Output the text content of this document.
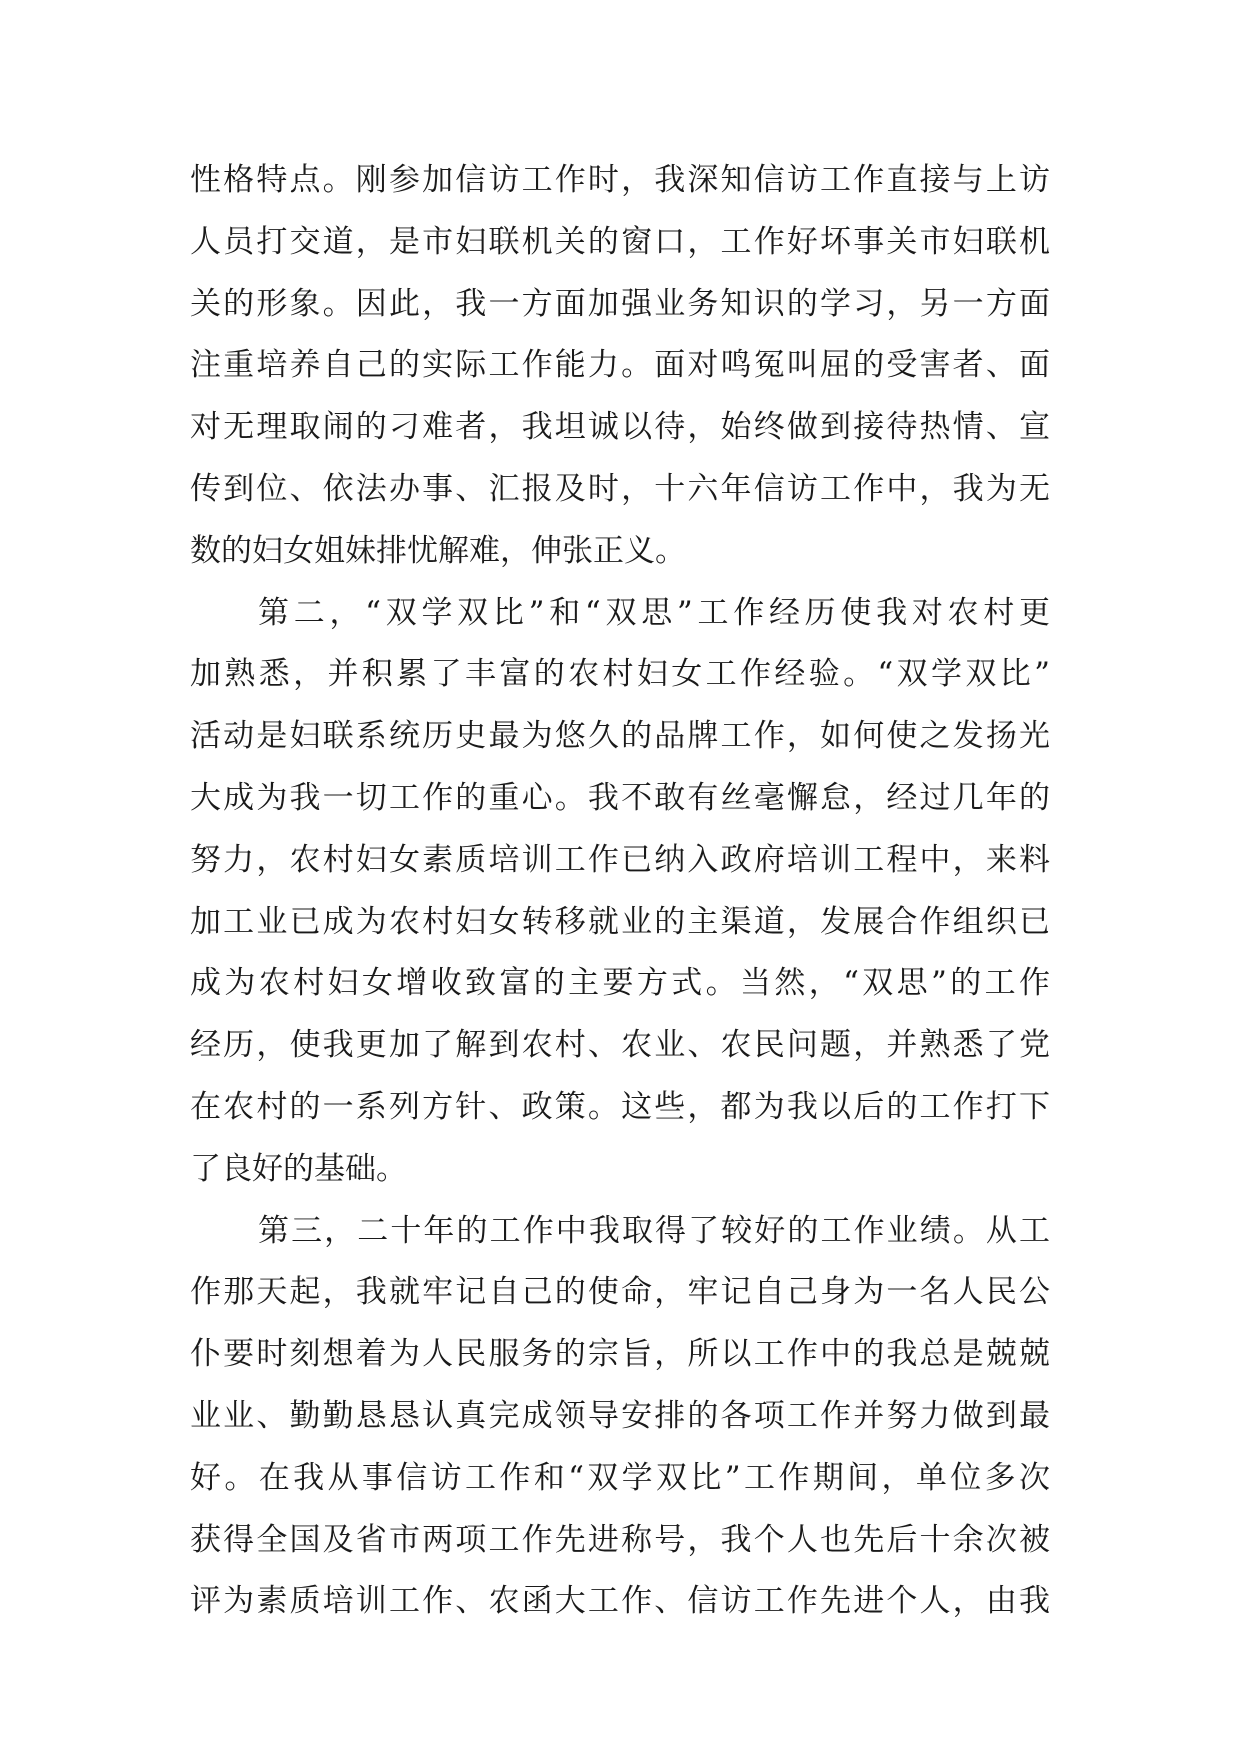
性格特点。刚参加信访工作时，我深知信访工作直接与上访
人员打交道，是市妇联机关的窗口，工作好坏事关市妇联机
关的形象。因此，我一方面加强业务知识的学习，另一方面
注重培养自己的实际工作能力。面对鸣冤叫屈的受害者、面
对无理取闹的刁难者，我坦诚以待，始终做到接待热情、宣
传到位、依法办事、汇报及时，十六年信访工作中，我为无
数的妇女姐妹排忧解难，伸张正义。
第二，“双学双比”和“双思”工作经历使我对农村更
加熟悉，并积累了丰富的农村妇女工作经验。“双学双比”
活动是妇联系统历史最为悠久的品牌工作，如何使之发扬光
大成为我一切工作的重心。我不敢有丝毫懈怠，经过几年的
努力，农村妇女素质培训工作已纳入政府培训工程中，来料
加工业已成为农村妇女转移就业的主渠道，发展合作组织已
成为农村妇女增收致富的主要方式。当然，“双思”的工作
经历，使我更加了解到农村、农业、农民问题，并熟悉了党
在农村的一系列方针、政策。这些，都为我以后的工作打下
了良好的基础。
第三，二十年的工作中我取得了较好的工作业绩。从工
作那天起，我就牢记自己的使命，牢记自己身为一名人民公
仆要时刻想着为人民服务的宗旨，所以工作中的我总是兢兢
业业、勤勤恳恳认真完成领导安排的各项工作并努力做到最
好。在我从事信访工作和“双学双比”工作期间，单位多次
获得全国及省市两项工作先进称号，我个人也先后十余次被
评为素质培训工作、农函大工作、信访工作先进个人，由我
